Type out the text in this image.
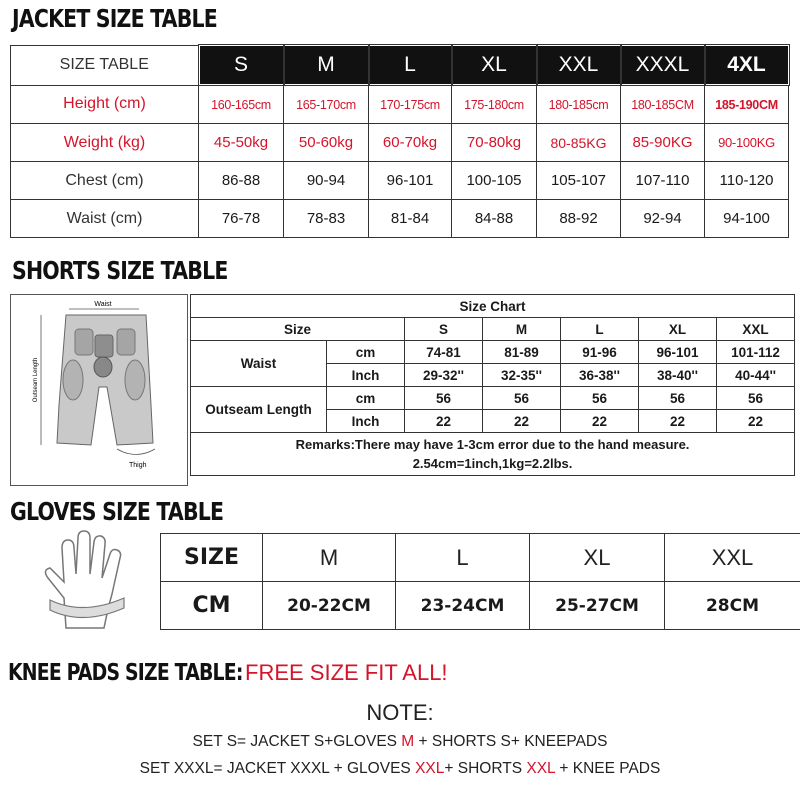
JACKET SIZE TABLE
SIZE TABLE	S	M	L	XL	XXL	XXXL	4XL
Height (cm)	160-165cm	165-170cm	170-175cm	175-180cm	180-185cm	180-185CM	185-190CM
Weight (kg)	45-50kg	50-60kg	60-70kg	70-80kg	80-85KG	85-90KG	90-100KG
Chest (cm)	86-88	90-94	96-101	100-105	105-107	107-110	110-120
Waist (cm)	76-78	78-83	81-84	84-88	88-92	92-94	94-100
SHORTS SIZE TABLE
Waist
Outseam Length
Thigh
Size Chart						
Size		S	M	L	XL	XXL
Waist	cm	74-81	81-89	91-96	96-101	101-112
	Inch	29-32''	32-35''	36-38''	38-40''	40-44''
Outseam Length	cm	56	56	56	56	56
	Inch	22	22	22	22	22

Remarks:There may have 1-3cm error due to the hand measure.
2.54cm=1inch,1kg=2.2lbs.						
GLOVES SIZE TABLE
SIZE	M	L	XL	XXL
CM	20-22CM	23-24CM	25-27CM	28CM
KNEE PADS SIZE TABLE: FREE SIZE FIT ALL!
NOTE:
SET S= JACKET S+GLOVES M + SHORTS S+ KNEEPADS
SET XXXL= JACKET XXXL + GLOVES XXL+ SHORTS XXL + KNEE PADS
